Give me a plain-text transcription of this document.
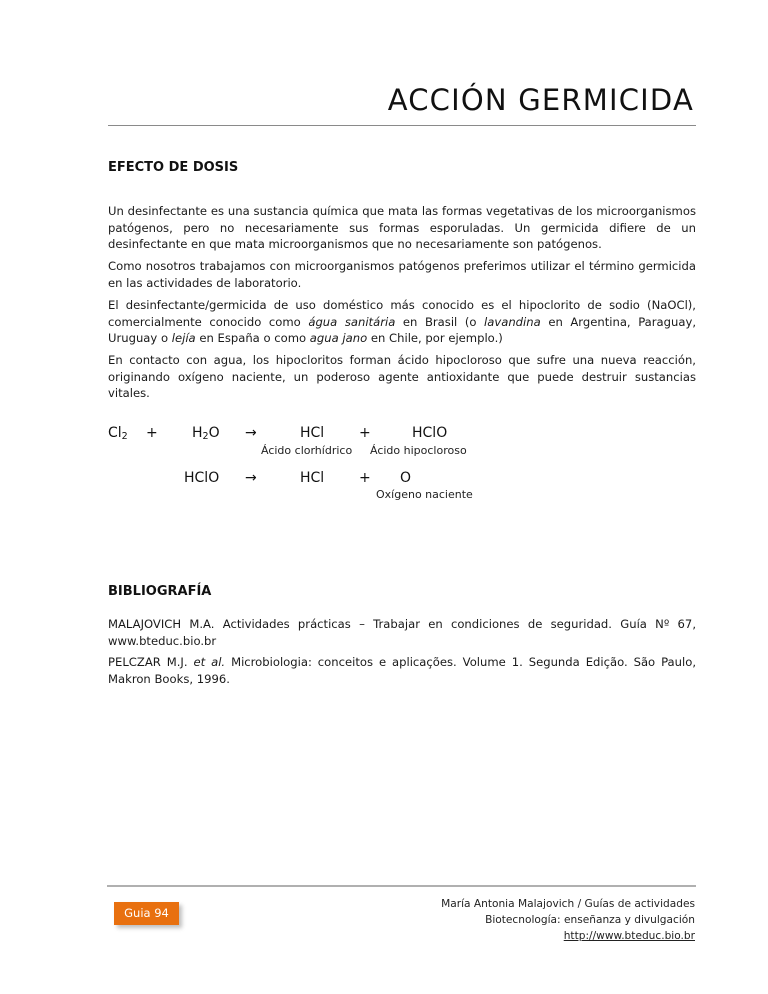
ACCIÓN GERMICIDA
EFECTO DE DOSIS

Un desinfectante es una sustancia química que mata las formas vegetativas de los microorganismos patógenos, pero no necesariamente sus formas esporuladas. Un germicida difiere de un desinfectante en que mata microorganismos que no necesariamente son patógenos.

Como nosotros trabajamos con microorganismos patógenos preferimos utilizar el término germicida en las actividades de laboratorio.

El desinfectante/germicida de uso doméstico más conocido es el hipoclorito de sodio (NaOCl), comercialmente conocido como água sanitária en Brasil (o lavandina en Argentina, Paraguay, Uruguay o lejía en España o como agua jano en Chile, por ejemplo.)

En contacto con agua, los hipocloritos forman ácido hipocloroso que sufre una nueva reacción, originando oxígeno naciente, un poderoso agente antioxidante que puede destruir sustancias vitales.

$Cl_2 + H_2O$ →	HCl +	HClO
Ácido clorhídrico Ácido hipocloroso
HClO →	HCl + O
Oxígeno naciente
BIBLIOGRAFÍA

MALAJOVICH M.A. Actividades prácticas – Trabajar en condiciones de seguridad. Guía Nº 67, www.bteduc.bio.br

PELCZAR M.J. et al. Microbiologia: conceitos e aplicações. Volume 1. Segunda Edição. São Paulo, Makron Books, 1996.

Guia 94
María Antonia Malajovich / Guías de actividades
Biotecnología: enseñanza y divulgación
http://www.bteduc.bio.br
